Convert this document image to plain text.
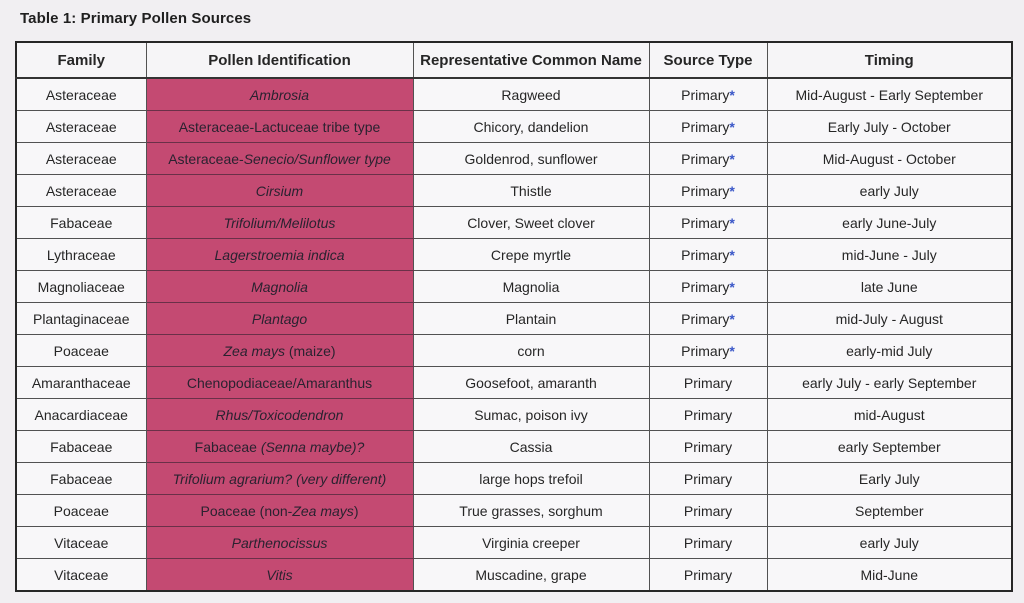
Table 1: Primary Pollen Sources
Family	Pollen Identification	Representative Common Name	Source Type	Timing
Asteraceae	Ambrosia	Ragweed	Primary*	Mid-August - Early September
Asteraceae	Asteraceae-Lactuceae tribe type	Chicory, dandelion	Primary*	Early July - October
Asteraceae	Asteraceae-Senecio/Sunflower type	Goldenrod, sunflower	Primary*	Mid-August - October
Asteraceae	Cirsium	Thistle	Primary*	early July
Fabaceae	Trifolium/Melilotus	Clover, Sweet clover	Primary*	early June-July
Lythraceae	Lagerstroemia indica	Crepe myrtle	Primary*	mid-June - July
Magnoliaceae	Magnolia	Magnolia	Primary*	late June
Plantaginaceae	Plantago	Plantain	Primary*	mid-July - August
Poaceae	Zea mays (maize)	corn	Primary*	early-mid July
Amaranthaceae	Chenopodiaceae/Amaranthus	Goosefoot, amaranth	Primary	early July - early September
Anacardiaceae	Rhus/Toxicodendron	Sumac, poison ivy	Primary	mid-August
Fabaceae	Fabaceae (Senna maybe)?	Cassia	Primary	early September
Fabaceae	Trifolium agrarium? (very different)	large hops trefoil	Primary	Early July
Poaceae	Poaceae (non-Zea mays)	True grasses, sorghum	Primary	September
Vitaceae	Parthenocissus	Virginia creeper	Primary	early July
Vitaceae	Vitis	Muscadine, grape	Primary	Mid-June
